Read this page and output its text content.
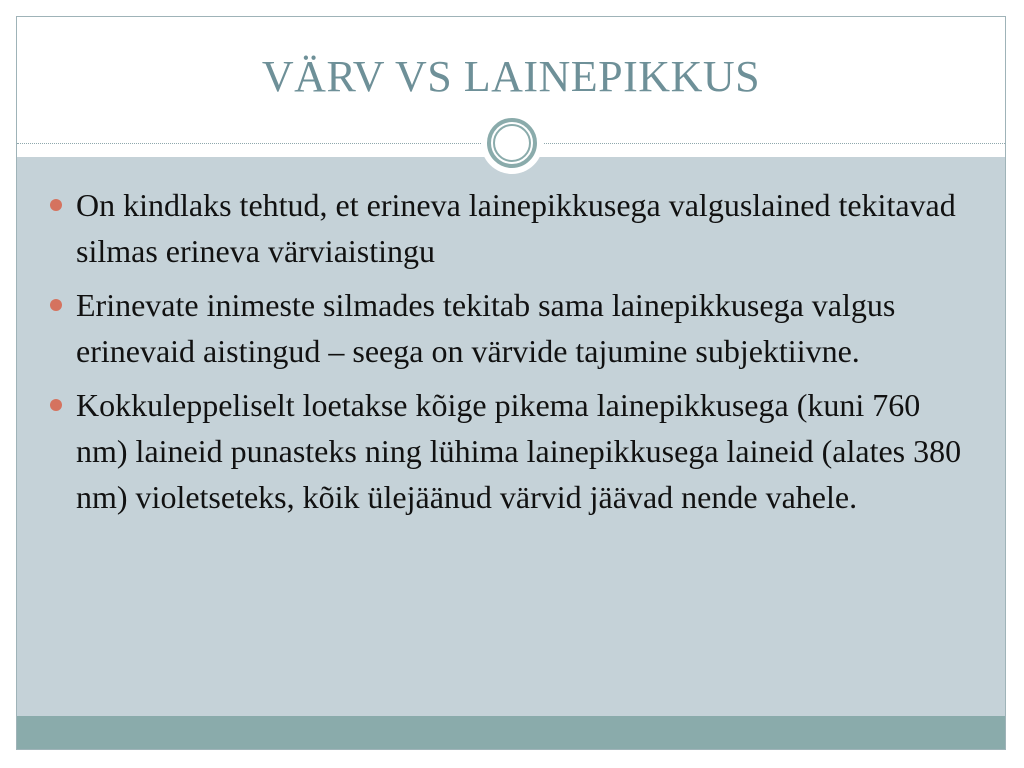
VÄRV VS LAINEPIKKUS
On kindlaks tehtud, et erineva lainepikkusega valguslained tekitavad silmas erineva värviaistingu
Erinevate inimeste silmades tekitab sama lainepikkusega valgus erinevaid aistingud – seega on värvide tajumine subjektiivne.
Kokkuleppeliselt loetakse kõige pikema lainepikkusega (kuni 760 nm) laineid punasteks ning lühima lainepikkusega laineid (alates 380 nm) violetseteks, kõik ülejäänud värvid jäävad nende vahele.
